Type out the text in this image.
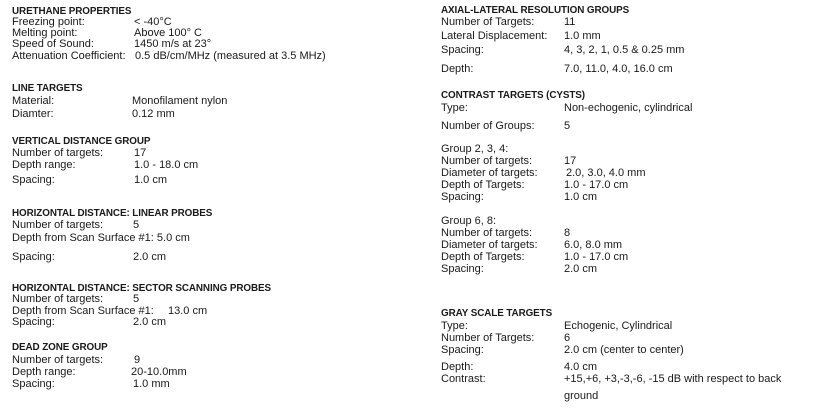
URETHANE PROPERTIES
Freezing point:	< -40°C
Melting point:	Above 100° C
Speed of Sound:	1450 m/s at 23°
Attenuation Coefficient: 0.5 dB/cm/MHz (measured at 3.5 MHz)
LINE TARGETS
Material:	Monofilament nylon
Diamter:	0.12 mm
VERTICAL DISTANCE GROUP
Number of targets:	17
Depth range:	1.0 - 18.0 cm
Spacing:	1.0 cm
HORIZONTAL DISTANCE: LINEAR PROBES
Number of targets:	5
Depth from Scan Surface #1: 5.0 cm
Spacing:	2.0 cm
HORIZONTAL DISTANCE: SECTOR SCANNING PROBES
Number of targets:	5
Depth from Scan Surface #1: 13.0 cm
Spacing:	2.0 cm
DEAD ZONE GROUP
Number of targets:	9
Depth range:	20-10.0mm
Spacing:	1.0 mm
AXIAL-LATERAL RESOLUTION GROUPS
Number of Targets:	11
Lateral Displacement: 1.0 mm
Spacing:	4, 3, 2, 1, 0.5 & 0.25 mm
Depth:	7.0, 11.0, 4.0, 16.0 cm
CONTRAST TARGETS (CYSTS)
Type:	Non-echogenic, cylindrical
Number of Groups:	5
Group 2, 3, 4:
Number of targets:	17
Diameter of targets:	2.0, 3.0, 4.0 mm
Depth of Targets:	1.0 - 17.0 cm
Spacing:	1.0 cm
Group 6, 8:
Number of targets:	8
Diameter of targets: 6.0, 8.0 mm
Depth of Targets:	1.0 - 17.0 cm
Spacing:	2.0 cm
GRAY SCALE TARGETS
Type:	Echogenic, Cylindrical
Number of Targets:	6
Spacing:	2.0 cm (center to center)
Depth:	4.0 cm
Contrast:	+15,+6, +3,-3,-6, -15 dB with respect to back
ground
